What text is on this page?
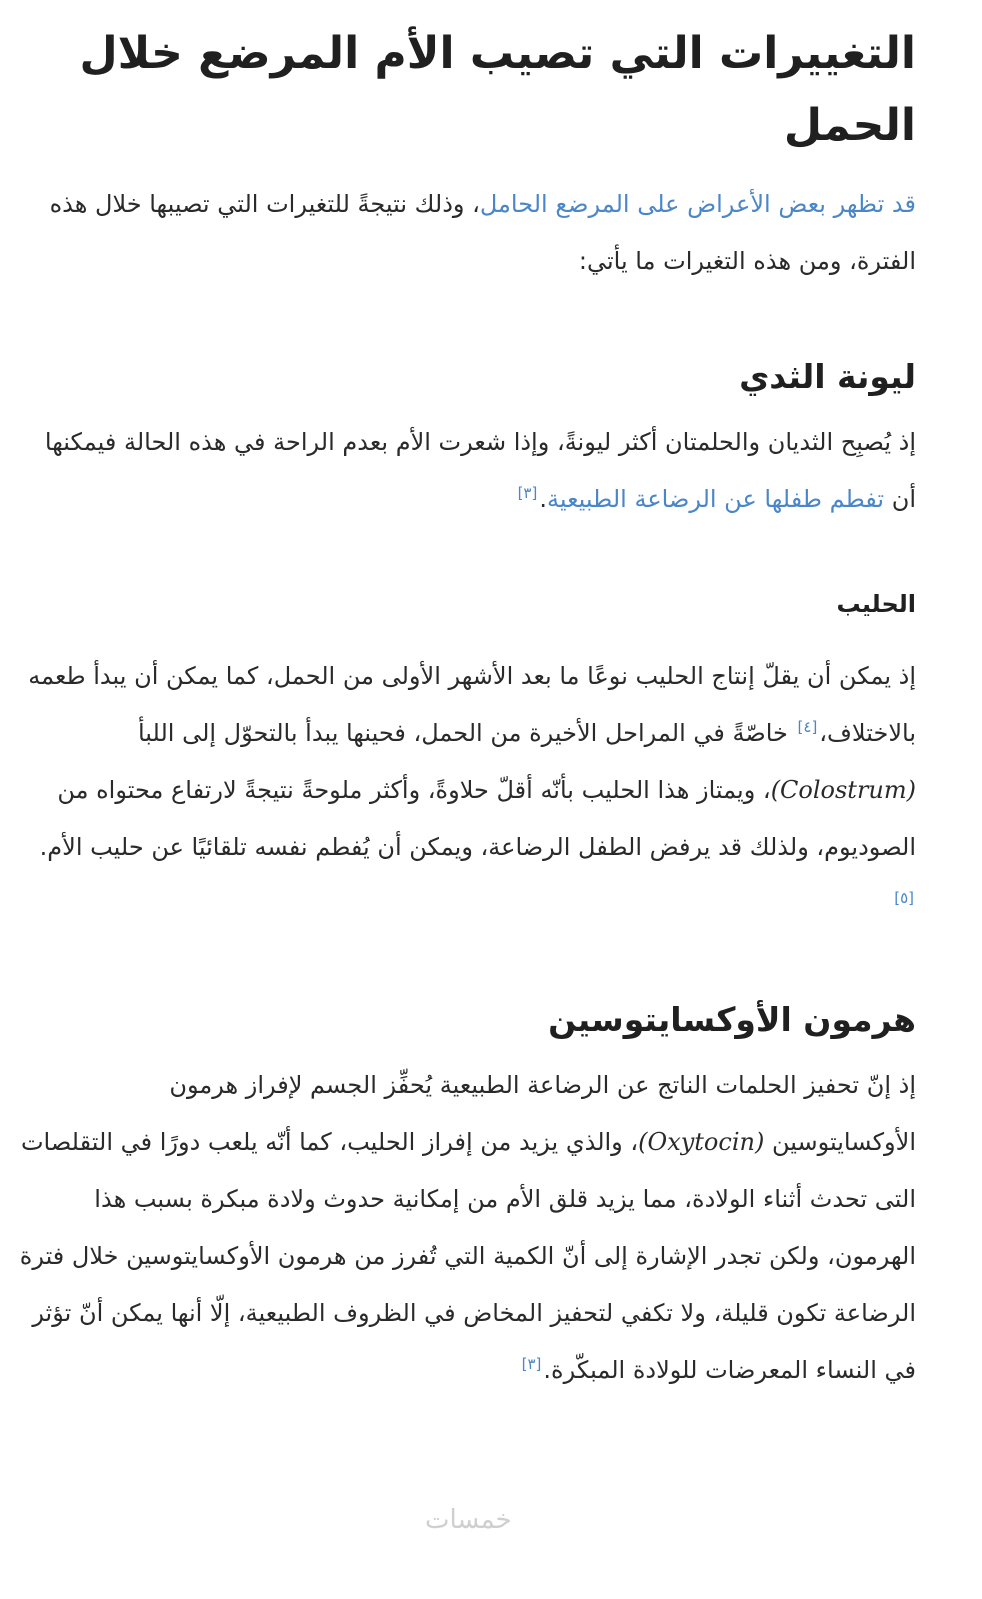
التغييرات التي تصيب الأم المرضع خلال الحمل

قد تظهر بعض الأعراض على المرضع الحامل، وذلك نتيجةً للتغيرات التي تصيبها خلال هذه الفترة، ومن هذه التغيرات ما يأتي:

ليونة الثدي

إذ يُصبِح الثديان والحلمتان أكثر ليونةً، وإذا شعرت الأم بعدم الراحة في هذه الحالة فيمكنها أن تفطم طفلها عن الرضاعة الطبيعية.[٣]

الحليب

إذ يمكن أن يقلّ إنتاج الحليب نوعًا ما بعد الأشهر الأولى من الحمل، كما يمكن أن يبدأ طعمه بالاختلاف،[٤] خاصّةً في المراحل الأخيرة من الحمل، فحينها يبدأ بالتحوّل إلى اللبأ (Colostrum)، ويمتاز هذا الحليب بأنّه أقلّ حلاوةً، وأكثر ملوحةً نتيجةً لارتفاع محتواه من الصوديوم، ولذلك قد يرفض الطفل الرضاعة، ويمكن أن يُفطم نفسه تلقائيًا عن حليب الأم.[٥]

هرمون الأوكسايتوسين

إذ إنّ تحفيز الحلمات الناتج عن الرضاعة الطبيعية يُحفِّز الجسم لإفراز هرمون الأوكسايتوسين (Oxytocin)، والذي يزيد من إفراز الحليب، كما أنّه يلعب دورًا في التقلصات التى تحدث أثناء الولادة، مما يزيد قلق الأم من إمكانية حدوث ولادة مبكرة بسبب هذا الهرمون، ولكن تجدر الإشارة إلى أنّ الكمية التي تُفرز من هرمون الأوكسايتوسين خلال فترة الرضاعة تكون قليلة، ولا تكفي لتحفيز المخاض في الظروف الطبيعية، إلّا أنها يمكن أنّ تؤثر في النساء المعرضات للولادة المبكّرة.[٣]

خمسات
